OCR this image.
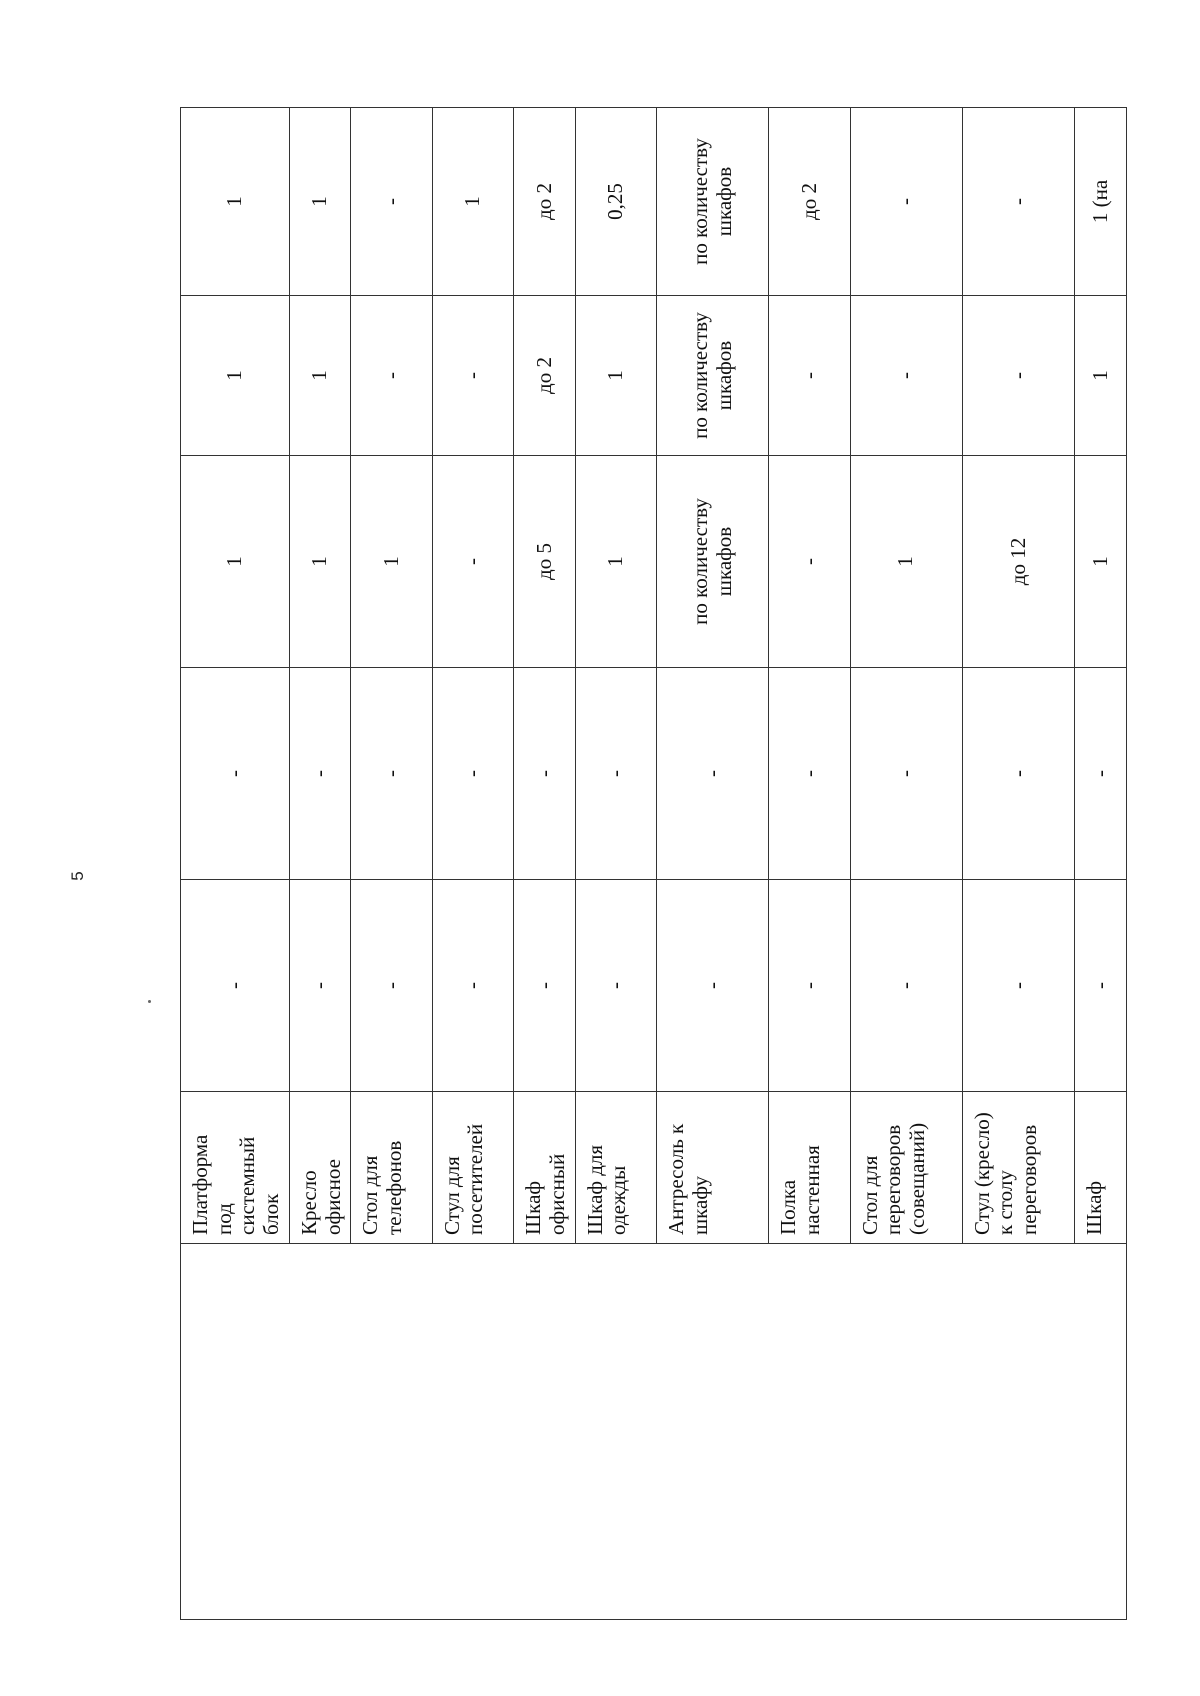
5
	Платформа под системный блок	-	-	1	1	1
	Кресло офисное	-	-	1	1	1
	Стол для телефонов	-	-	1	-	-
	Стул для посетителей	-	-	-	-	1
	Шкаф офисный	-	-	до 5	до 2	до 2
	Шкаф для одежды	-	-	1	1	0,25
	Антресоль к шкафу	-	-	по количеству шкафов	по количеству шкафов	по количеству шкафов
	Полка настенная	-	-	-	-	до 2
	Стол для переговоров (совещаний)	-	-	1	-	-
	Стул (кресло) к столу переговоров	-	-	до 12	-	-
	Шкаф	-	-	1	1	1 (на
